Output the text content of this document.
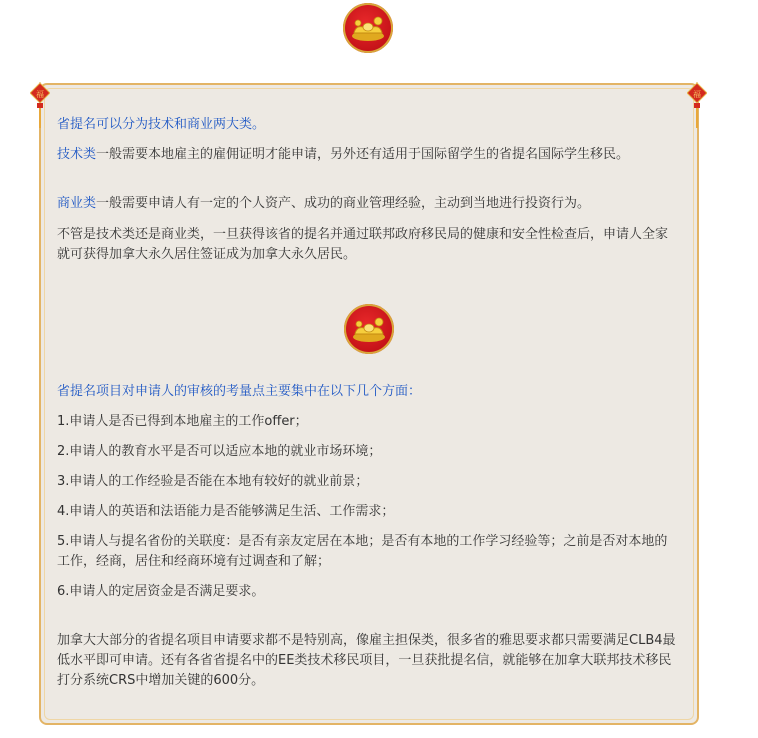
福	福
省提名可以分为技术和商业两大类。
技术类一般需要本地雇主的雇佣证明才能申请，另外还有适用于国际留学生的省提名国际学生移民。
商业类一般需要申请人有一定的个人资产、成功的商业管理经验，主动到当地进行投资行为。
不管是技术类还是商业类，一旦获得该省的提名并通过联邦政府移民局的健康和安全性检查后，申请人全家就可获得加拿大永久居住签证成为加拿大永久居民。
省提名项目对申请人的审核的考量点主要集中在以下几个方面：
1.申请人是否已得到本地雇主的工作offer；
2.申请人的教育水平是否可以适应本地的就业市场环境；
3.申请人的工作经验是否能在本地有较好的就业前景；
4.申请人的英语和法语能力是否能够满足生活、工作需求；
5.申请人与提名省份的关联度：是否有亲友定居在本地；是否有本地的工作学习经验等；之前是否对本地的工作，经商，居住和经商环境有过调查和了解；
6.申请人的定居资金是否满足要求。
加拿大大部分的省提名项目申请要求都不是特别高，像雇主担保类，很多省的雅思要求都只需要满足CLB4最低水平即可申请。还有各省省提名中的EE类技术移民项目，一旦获批提名信，就能够在加拿大联邦技术移民打分系统CRS中增加关键的600分。
